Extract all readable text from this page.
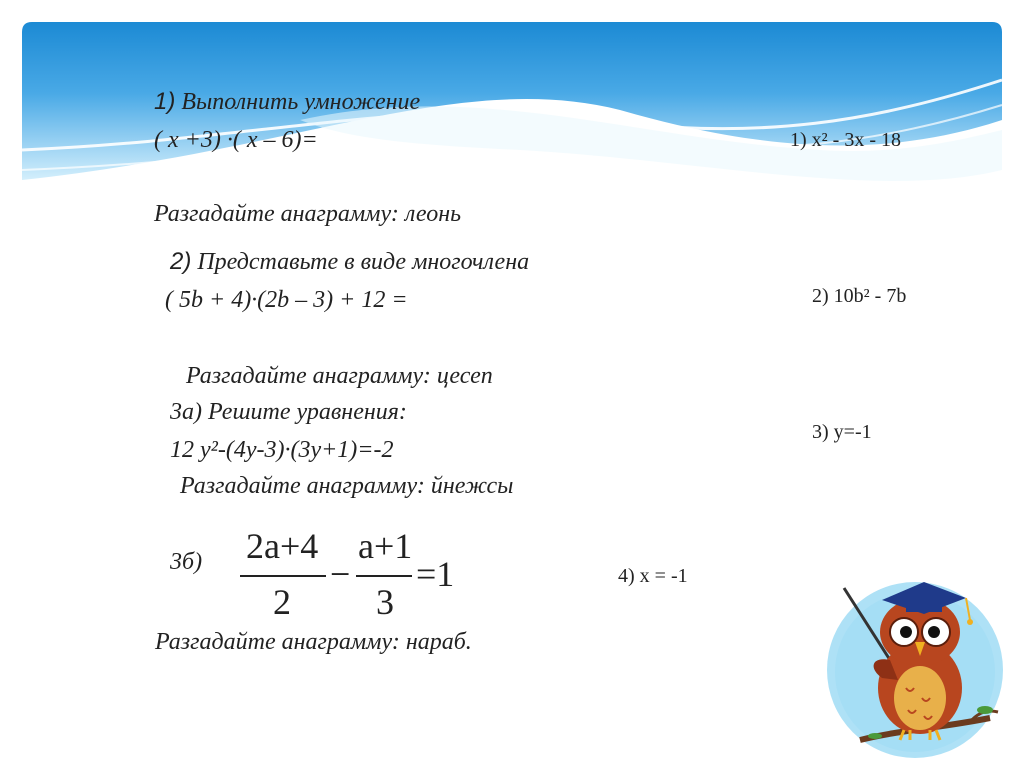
1) Выполнить умножение
( x +3) ·( x – 6)=
Разгадайте анаграмму: леонь
1) x² - 3x - 18
2) Представьте в виде многочлена
( 5b + 4)·(2b – 3) + 12 =
Разгадайте анаграмму: цесеп
2) 10b² - 7b
3а) Решите уравнения:
12 y²-(4y-3)·(3y+1)=-2
Разгадайте анаграмму: йнежсы
3) y=-1
3б) 2a+4
2
−
a+1
3
=1
Разгадайте анаграмму: нараб.
4) x = -1
